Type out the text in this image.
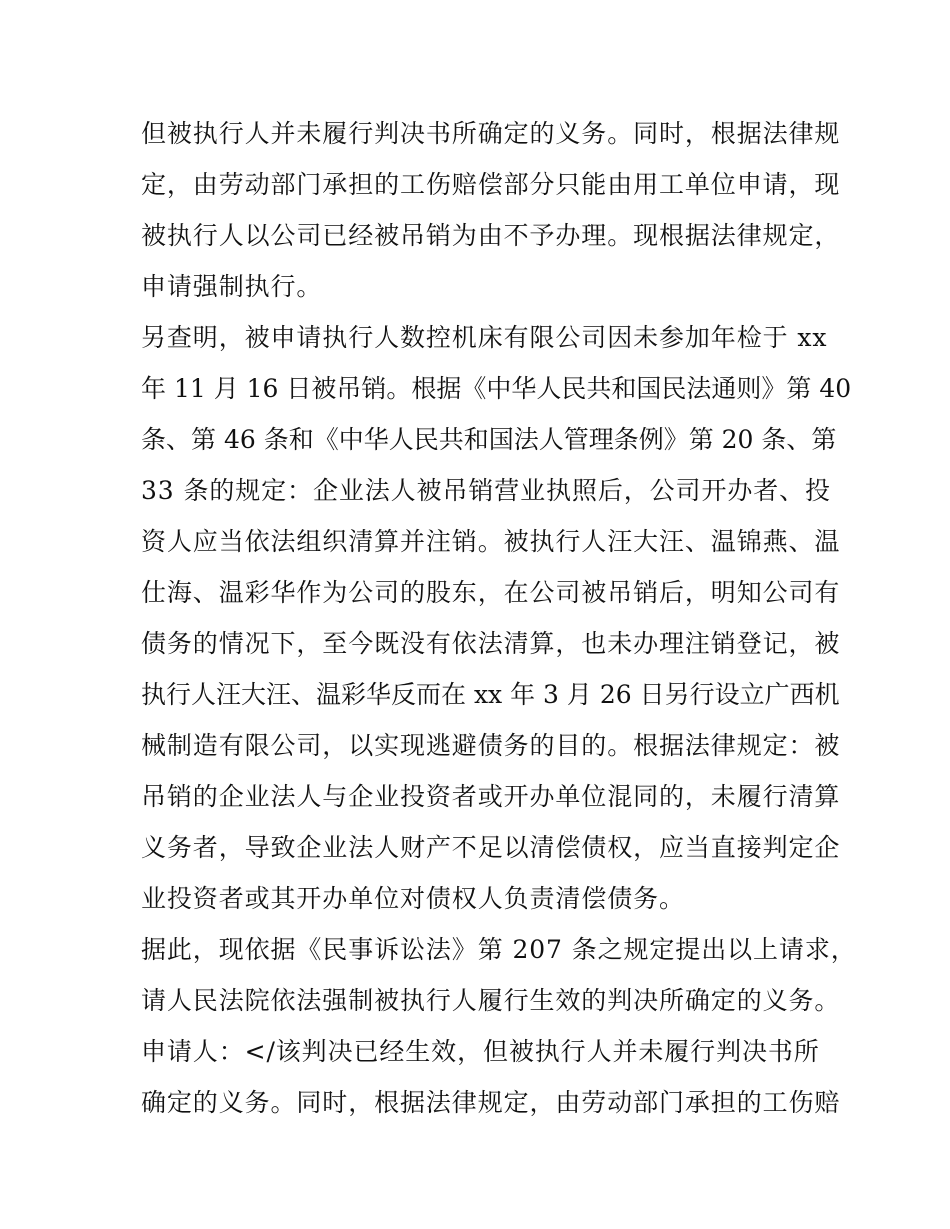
但被执行人并未履行判决书所确定的义务。同时，根据法律规
定，由劳动部门承担的工伤赔偿部分只能由用工单位申请，现
被执行人以公司已经被吊销为由不予办理。现根据法律规定，
申请强制执行。
另查明，被申请执行人数控机床有限公司因未参加年检于 xx
年 11 月 16 日被吊销。根据《中华人民共和国民法通则》第 40
条、第 46 条和《中华人民共和国法人管理条例》第 20 条、第
33 条的规定：企业法人被吊销营业执照后，公司开办者、投
资人应当依法组织清算并注销。被执行人汪大汪、温锦燕、温
仕海、温彩华作为公司的股东，在公司被吊销后，明知公司有
债务的情况下，至今既没有依法清算，也未办理注销登记，被
执行人汪大汪、温彩华反而在 xx 年 3 月 26 日另行设立广西机
械制造有限公司，以实现逃避债务的目的。根据法律规定：被
吊销的企业法人与企业投资者或开办单位混同的，未履行清算
义务者，导致企业法人财产不足以清偿债权，应当直接判定企
业投资者或其开办单位对债权人负责清偿债务。
据此，现依据《民事诉讼法》第 207 条之规定提出以上请求，
请人民法院依法强制被执行人履行生效的判决所确定的义务。
申请人：</该判决已经生效，但被执行人并未履行判决书所
确定的义务。同时，根据法律规定，由劳动部门承担的工伤赔
